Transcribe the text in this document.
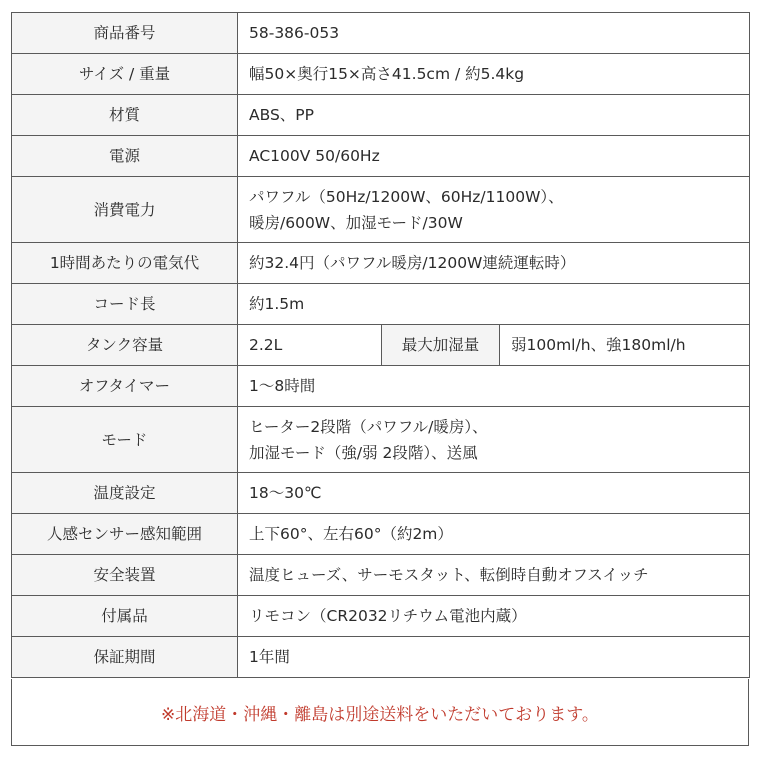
商品番号	58-386-053		
サイズ / 重量	幅50×奥行15×高さ41.5cm / 約5.4kg		
材質	ABS、PP		
電源	AC100V 50/60Hz		
消費電力	パワフル（50Hz/1200W、60Hz/1100W）、
暖房/600W、加湿モード/30W		

1時間あたりの電気代	約32.4円（パワフル暖房/1200W連続運転時）		
コード長	約1.5m		
タンク容量	2.2L	最大加湿量	弱100ml/h、強180ml/h
オフタイマー	1〜8時間		
モード	ヒーター2段階（パワフル/暖房）、
加湿モード（強/弱 2段階）、送風		

温度設定	18〜30℃		
人感センサー感知範囲	上下60°、左右60°（約2m）		
安全装置	温度ヒューズ、サーモスタット、転倒時自動オフスイッチ		
付属品	リモコン（CR2032リチウム電池内蔵）		
保証期間	1年間		
※北海道・沖縄・離島は別途送料をいただいております。
